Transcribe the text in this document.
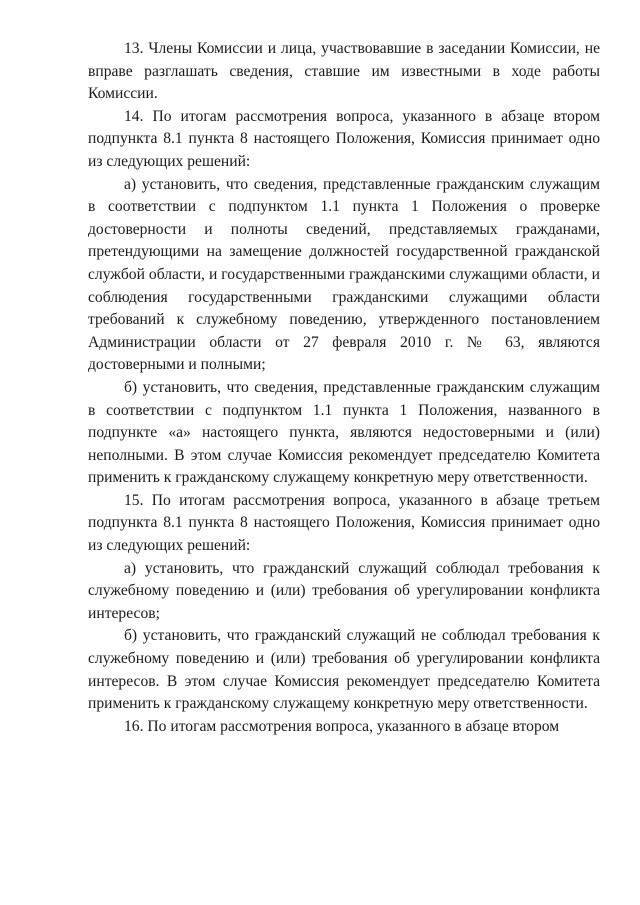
13. Члены Комиссии и лица, участвовавшие в заседании Комиссии, не вправе разглашать сведения, ставшие им известными в ходе работы Комиссии.

14. По итогам рассмотрения вопроса, указанного в абзаце втором подпункта 8.1 пункта 8 настоящего Положения, Комиссия принимает одно из следующих решений:

а) установить, что сведения, представленные гражданским служащим в соответствии с подпунктом 1.1 пункта 1 Положения о проверке достоверности и полноты сведений, представляемых гражданами, претендующими на замещение должностей государственной гражданской службой области, и государственными гражданскими служащими области, и соблюдения государственными гражданскими служащими области требований к служебному поведению, утвержденного постановлением Администрации области от 27 февраля 2010 г. № 63, являются достоверными и полными;

б) установить, что сведения, представленные гражданским служащим в соответствии с подпунктом 1.1 пункта 1 Положения, названного в подпункте «а» настоящего пункта, являются недостоверными и (или) неполными. В этом случае Комиссия рекомендует председателю Комитета применить к гражданскому служащему конкретную меру ответственности.

15. По итогам рассмотрения вопроса, указанного в абзаце третьем подпункта 8.1 пункта 8 настоящего Положения, Комиссия принимает одно из следующих решений:

а) установить, что гражданский служащий соблюдал требования к служебному поведению и (или) требования об урегулировании конфликта интересов;

б) установить, что гражданский служащий не соблюдал требования к служебному поведению и (или) требования об урегулировании конфликта интересов. В этом случае Комиссия рекомендует председателю Комитета применить к гражданскому служащему конкретную меру ответственности.

16. По итогам рассмотрения вопроса, указанного в абзаце втором
